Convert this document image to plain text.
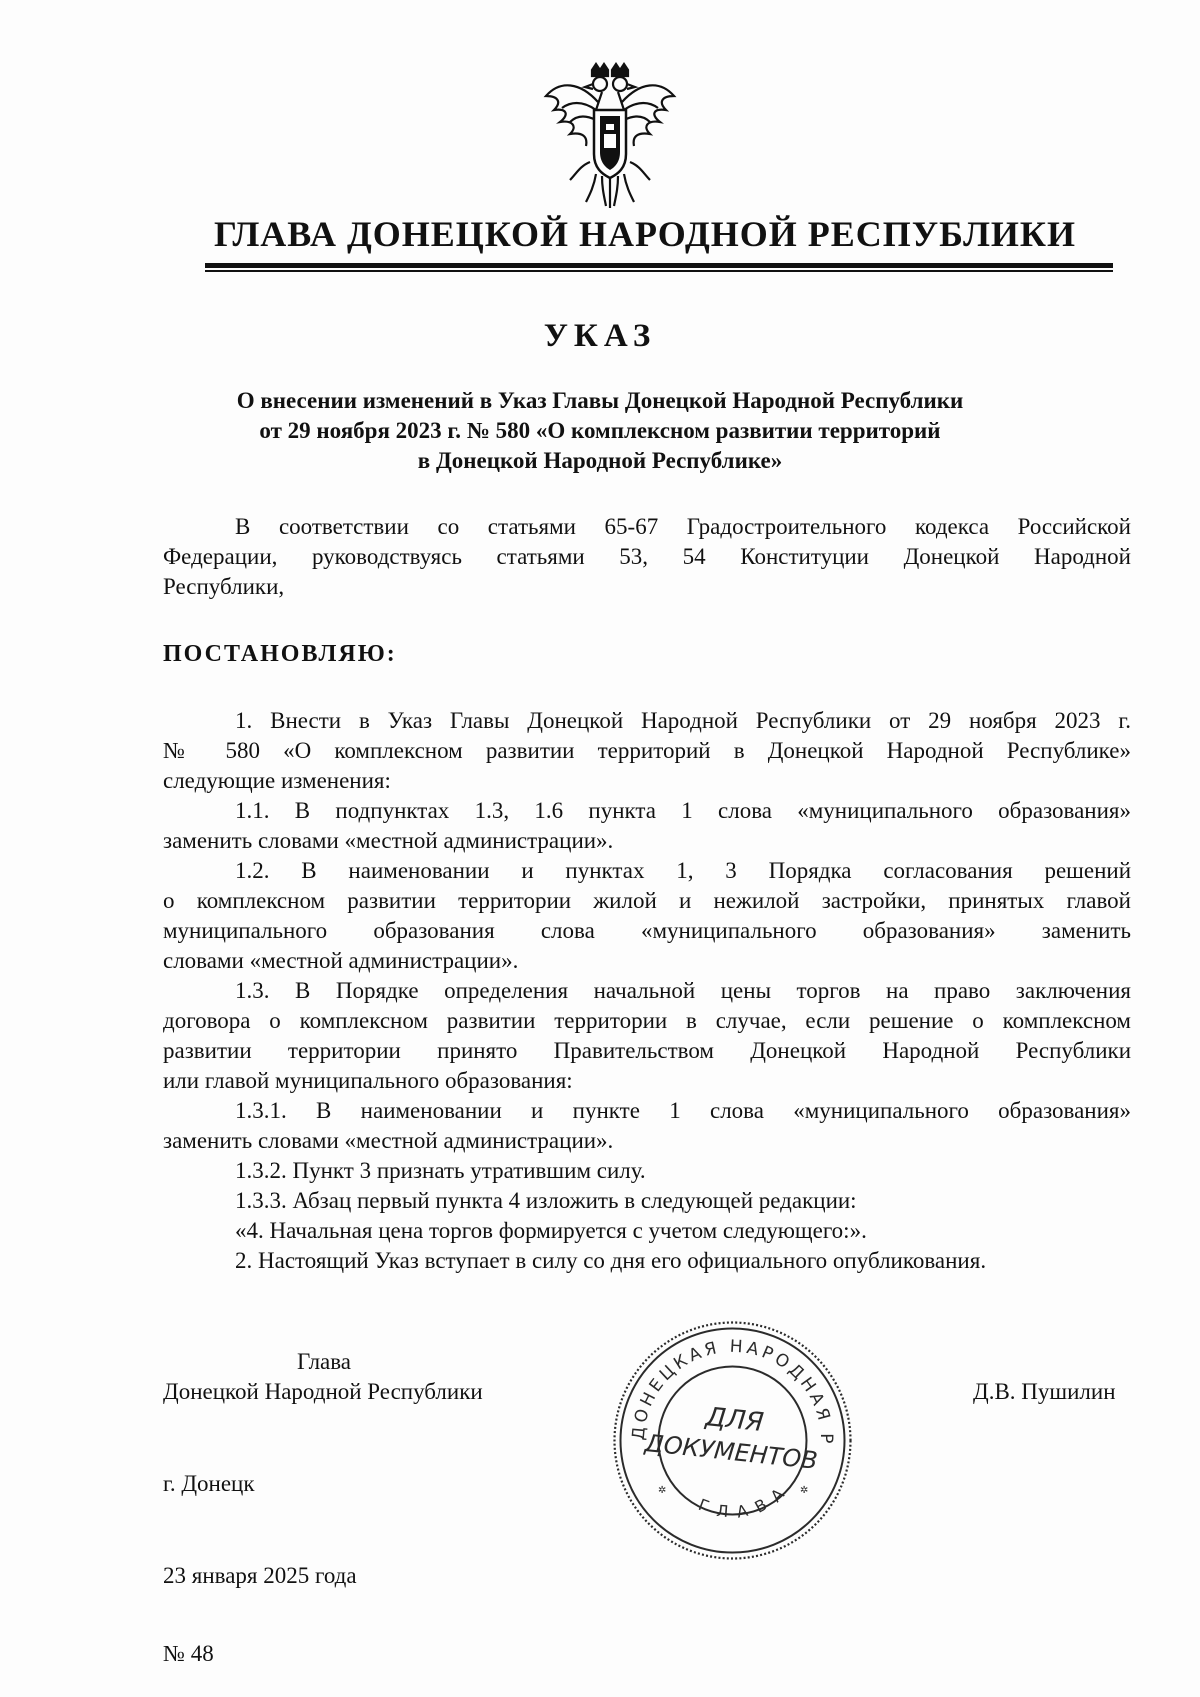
ГЛАВА ДОНЕЦКОЙ НАРОДНОЙ РЕСПУБЛИКИ
УКАЗ
О внесении изменений в Указ Главы Донецкой Народной Республики
от 29 ноября 2023 г. № 580 «О комплексном развитии территорий
в Донецкой Народной Республике»
В соответствии со статьями 65-67 Градостроительного кодекса Российской
Федерации, руководствуясь статьями 53, 54 Конституции Донецкой Народной
Республики,
ПОСТАНОВЛЯЮ:
1. Внести в Указ Главы Донецкой Народной Республики от 29 ноября 2023 г.
№ 580 «О комплексном развитии территорий в Донецкой Народной Республике»
следующие изменения:
1.1. В подпунктах 1.3, 1.6 пункта 1 слова «муниципального образования»
заменить словами «местной администрации».
1.2. В наименовании и пунктах 1, 3 Порядка согласования решений
о комплексном развитии территории жилой и нежилой застройки, принятых главой
муниципального образования слова «муниципального образования» заменить
словами «местной администрации».
1.3. В Порядке определения начальной цены торгов на право заключения
договора о комплексном развитии территории в случае, если решение о комплексном
развитии территории принято Правительством Донецкой Народной Республики
или главой муниципального образования:
1.3.1. В наименовании и пункте 1 слова «муниципального образования»
заменить словами «местной администрации».
1.3.2. Пункт 3 признать утратившим силу.
1.3.3. Абзац первый пункта 4 изложить в следующей редакции:
«4. Начальная цена торгов формируется с учетом следующего:».
2. Настоящий Указ вступает в силу со дня его официального опубликования.
Глава
Донецкой Народной Республики	Д.В. Пушилин
ДОНЕЦКАЯ НАРОДНАЯ Р
ГЛАВА
ДЛЯ
ДОКУМЕНТОВ
✲	✲
г. Донецк
23 января 2025 года
№ 48
